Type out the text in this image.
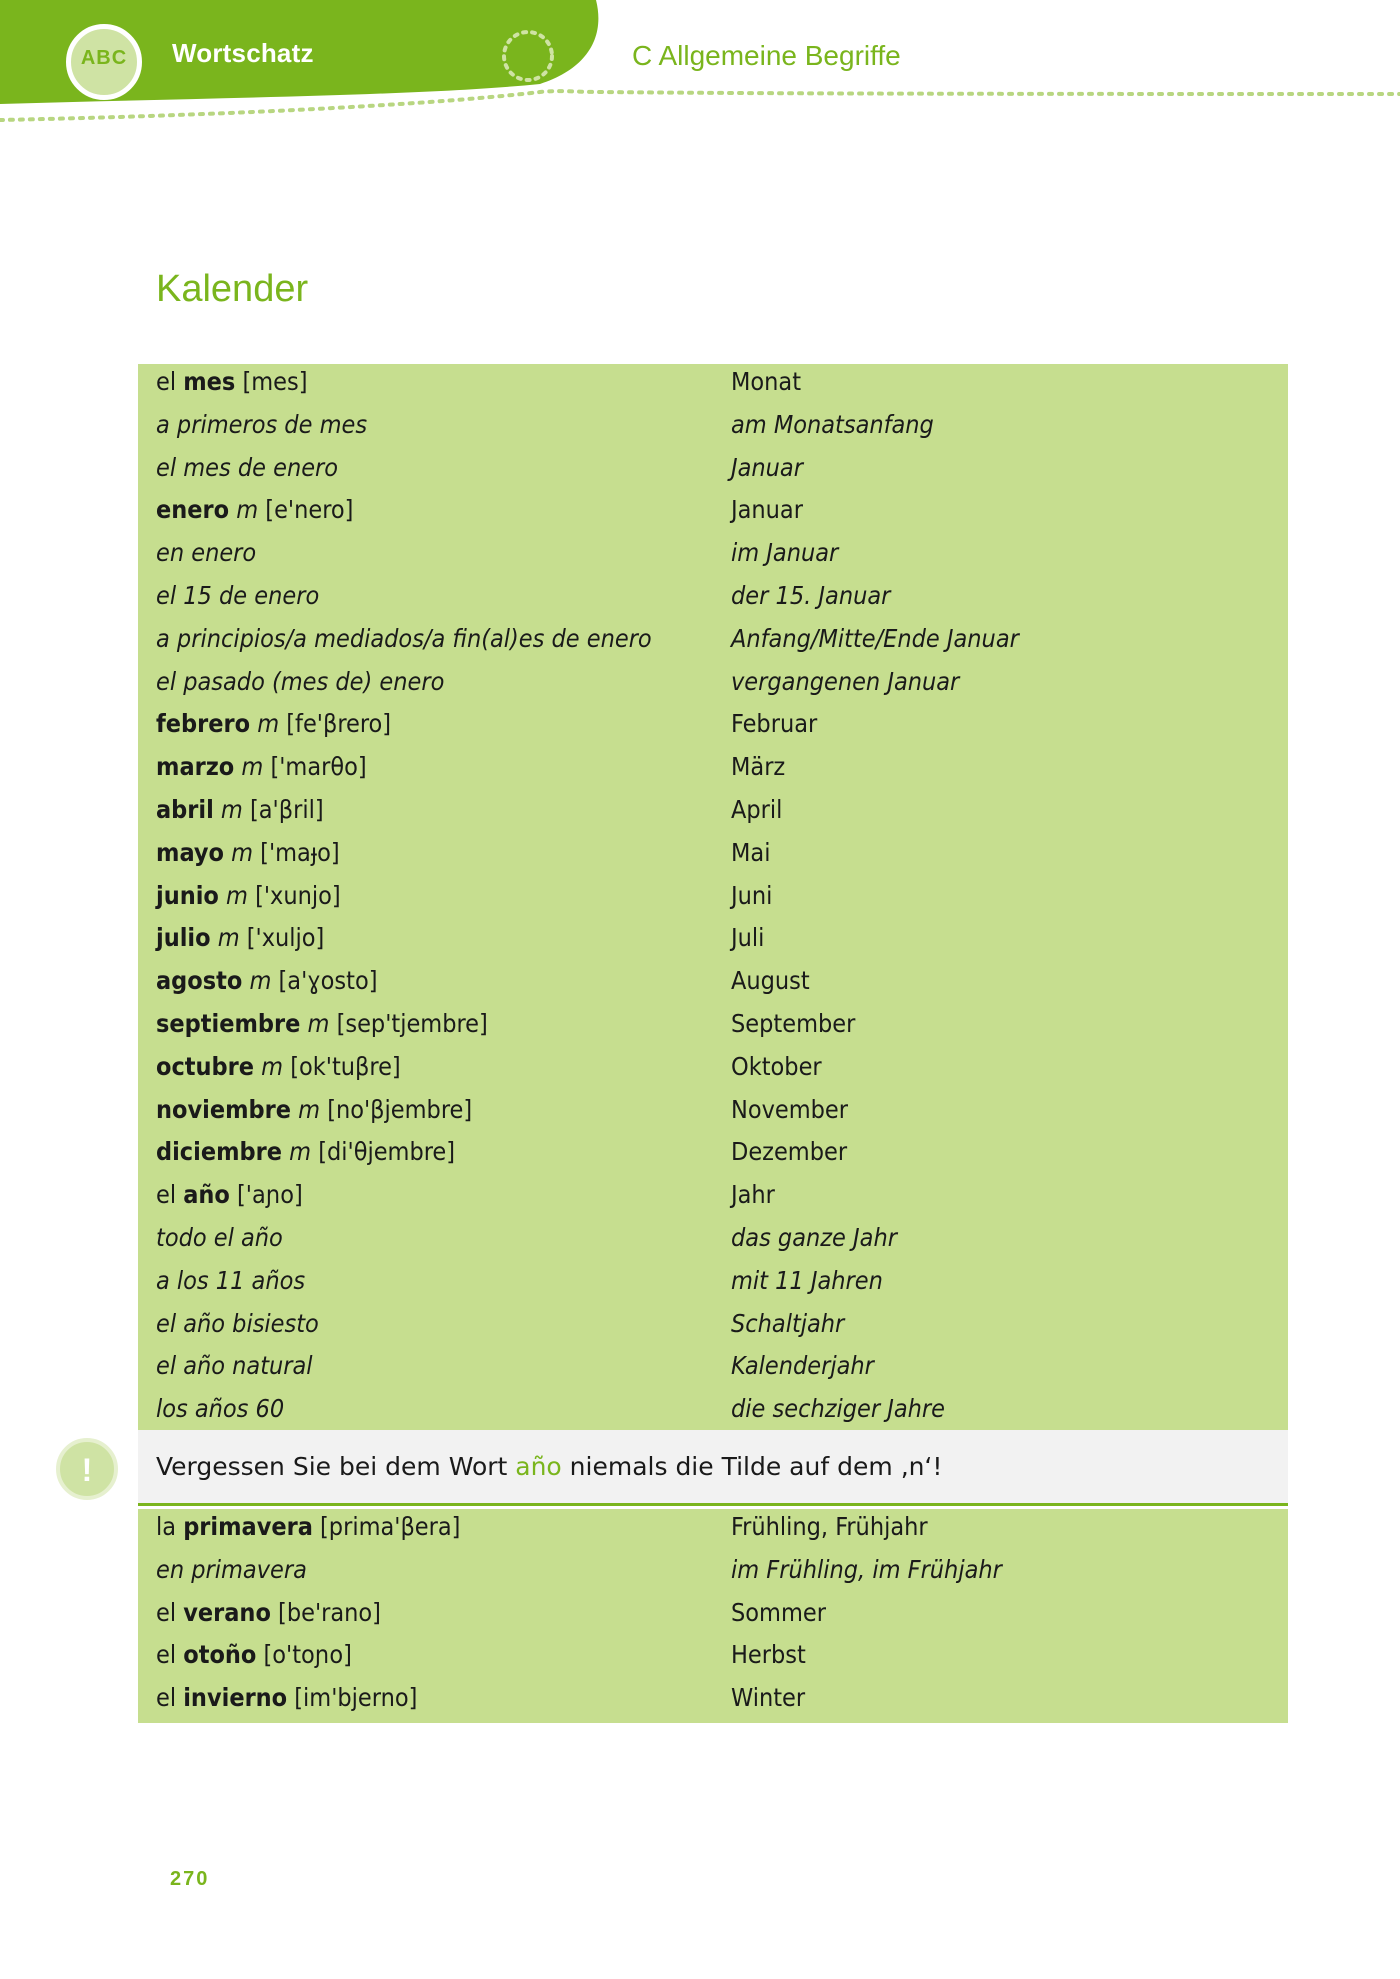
ABC	Wortschatz	C Allgemeine Begriffe
Kalender
el mes [mes]	Monat
a primeros de mes	am Monatsanfang
el mes de enero	Januar
enero m [e'nero]	Januar
en enero	im Januar
el 15 de enero	der 15. Januar
a principios/a mediados/a fin(al)es de enero	Anfang/Mitte/Ende Januar
el pasado (mes de) enero	vergangenen Januar
febrero m [fe'βrero]	Februar
marzo m ['marθo]	März
abril m [a'βril]	April
mayo m ['maɟo]	Mai
junio m ['xunjo]	Juni
julio m ['xuljo]	Juli
agosto m [a'ɣosto]	August
septiembre m [sep'tjembre]	September
octubre m [ok'tuβre]	Oktober
noviembre m [no'βjembre]	November
diciembre m [di'θjembre]	Dezember
el año ['aɲo]	Jahr
todo el año	das ganze Jahr
a los 11 años	mit 11 Jahren
el año bisiesto	Schaltjahr
el año natural	Kalenderjahr
los años 60	die sechziger Jahre
!	Vergessen Sie bei dem Wort año niemals die Tilde auf dem ‚n‘!
la primavera [prima'βera]	Frühling, Frühjahr
en primavera	im Frühling, im Frühjahr
el verano [be'rano]	Sommer
el otoño [o'toɲo]	Herbst
el invierno [im'bjerno]	Winter
270
